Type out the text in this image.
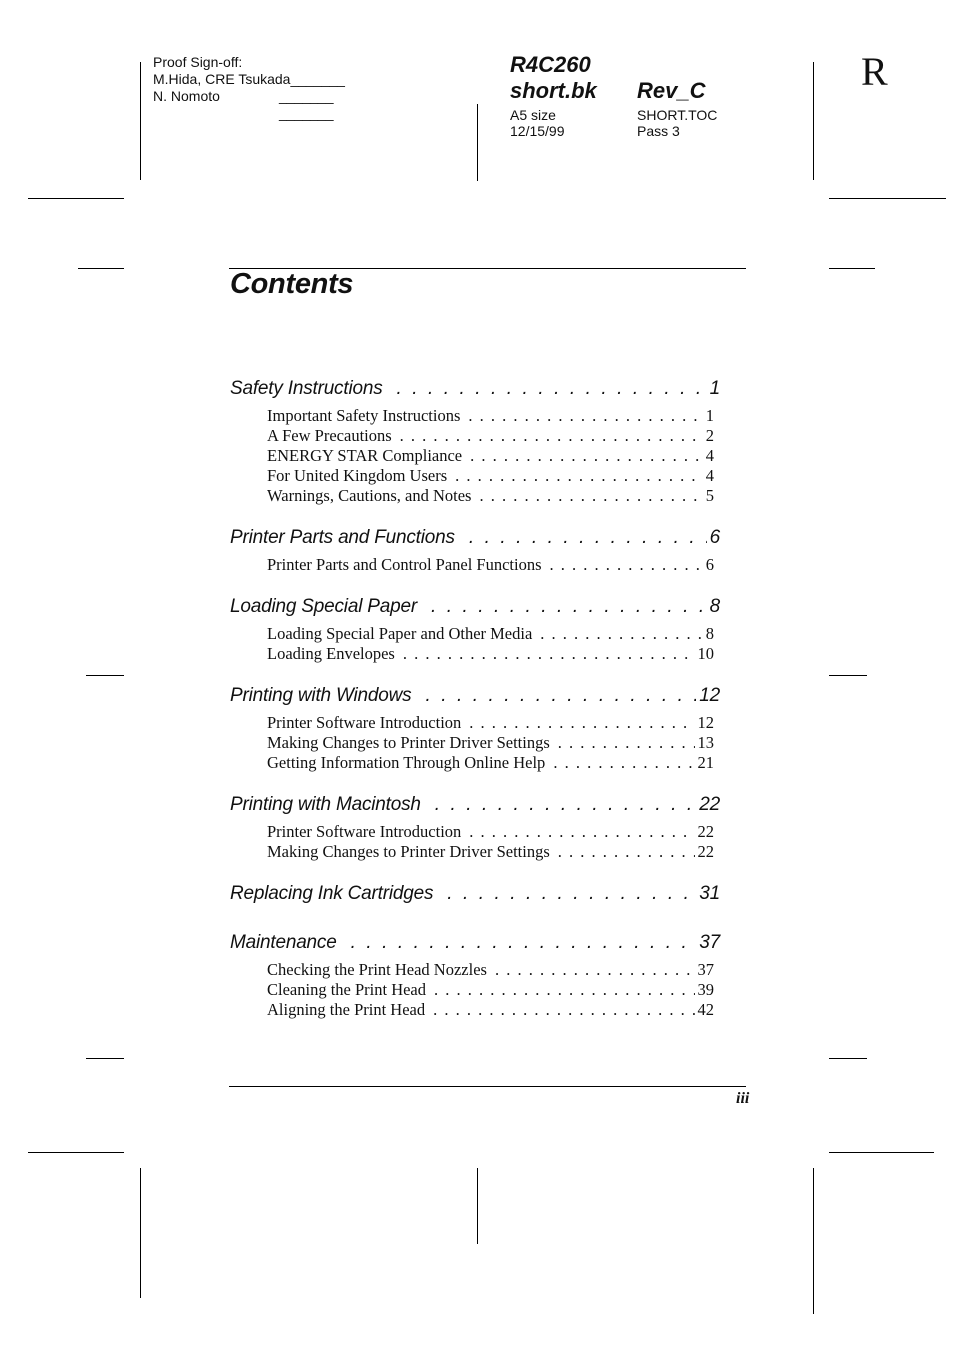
Proof Sign-off:
M.Hida, CRE Tsukada_______
N. Nomoto	_______
_______
R4C260
short.bk Rev_C
A5 size
12/15/99
SHORT.TOC
Pass 3
R
Contents
Safety Instructions . . .	1
Important Safety Instructions . . .	1
A Few Precautions . . .	2
ENERGY STAR Compliance . . .	4
For United Kingdom Users . . .	4
Warnings, Cautions, and Notes . . .	5
Printer Parts and Functions . . .	6
Printer Parts and Control Panel Functions . . .	6
Loading Special Paper . . .	8
Loading Special Paper and Other Media . . .	8
Loading Envelopes . . .	10
Printing with Windows . . .	12
Printer Software Introduction . . .	12
Making Changes to Printer Driver Settings . . .	13
Getting Information Through Online Help . . .	21
Printing with Macintosh . . .	22
Printer Software Introduction . . .	22
Making Changes to Printer Driver Settings . . .	22
Replacing Ink Cartridges . . .	31
Maintenance . . .	37
Checking the Print Head Nozzles . . .	37
Cleaning the Print Head . . .	39
Aligning the Print Head . . .	42
iii
